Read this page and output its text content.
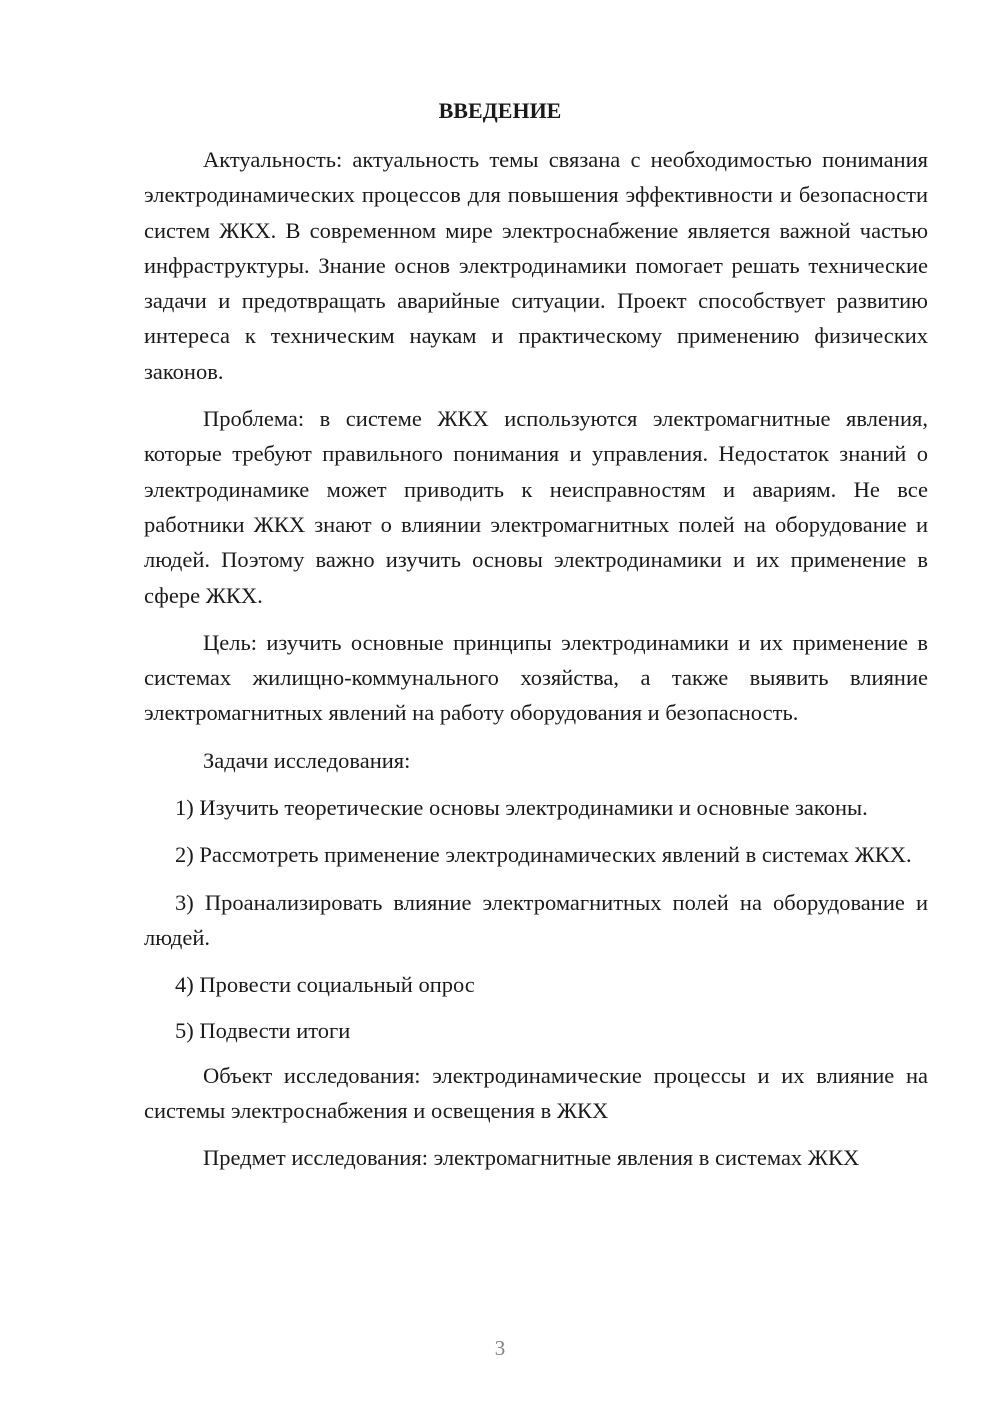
ВВЕДЕНИЕ

Актуальность: актуальность темы связана с необходимостью понимания электродинамических процессов для повышения эффективности и безопасности систем ЖКХ. В современном мире электроснабжение является важной частью инфраструктуры. Знание основ электродинамики помогает решать технические задачи и предотвращать аварийные ситуации. Проект способствует развитию интереса к техническим наукам и практическому применению физических законов.

Проблема: в системе ЖКХ используются электромагнитные явления, которые требуют правильного понимания и управления. Недостаток знаний о электродинамике может приводить к неисправностям и авариям. Не все работники ЖКХ знают о влиянии электромагнитных полей на оборудование и людей. Поэтому важно изучить основы электродинамики и их применение в сфере ЖКХ.

Цель: изучить основные принципы электродинамики и их применение в системах жилищно-коммунального хозяйства, а также выявить влияние электромагнитных явлений на работу оборудования и безопасность.

Задачи исследования:

1) Изучить теоретические основы электродинамики и основные законы.

2) Рассмотреть применение электродинамических явлений в системах ЖКХ.

3) Проанализировать влияние электромагнитных полей на оборудование и людей.

4) Провести социальный опрос

5) Подвести итоги

Объект исследования: электродинамические процессы и их влияние на системы электроснабжения и освещения в ЖКХ

Предмет исследования: электромагнитные явления в системах ЖКХ

3
